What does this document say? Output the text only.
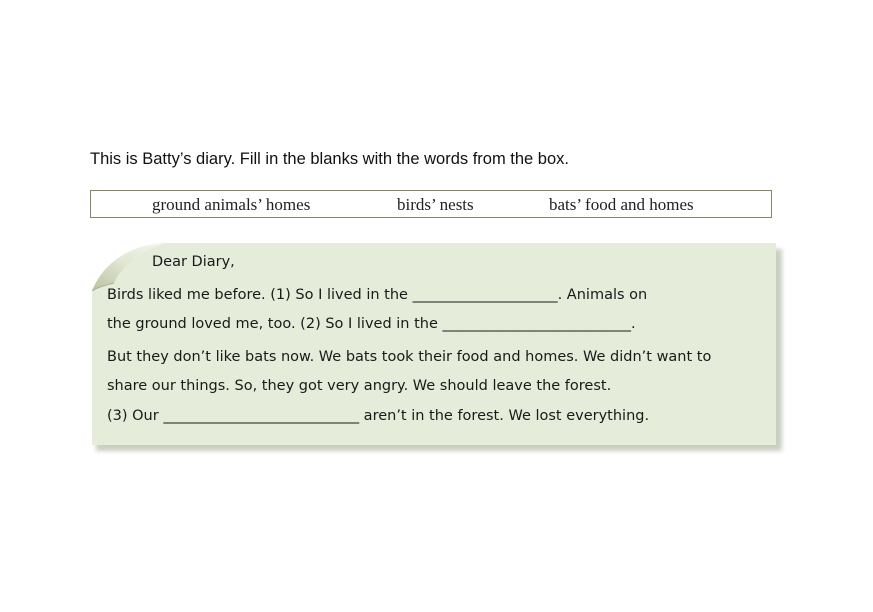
This is Batty’s diary. Fill in the blanks with the words from the box.
ground animals’ homes	birds’ nests	bats’ food and homes
Dear Diary,
Birds liked me before. (1) So I lived in the ____________________. Animals on
the ground loved me, too. (2) So I lived in the __________________________.
But they don’t like bats now. We bats took their food and homes. We didn’t want to
share our things. So, they got very angry. We should leave the forest.
(3) Our ___________________________ aren’t in the forest. We lost everything.
